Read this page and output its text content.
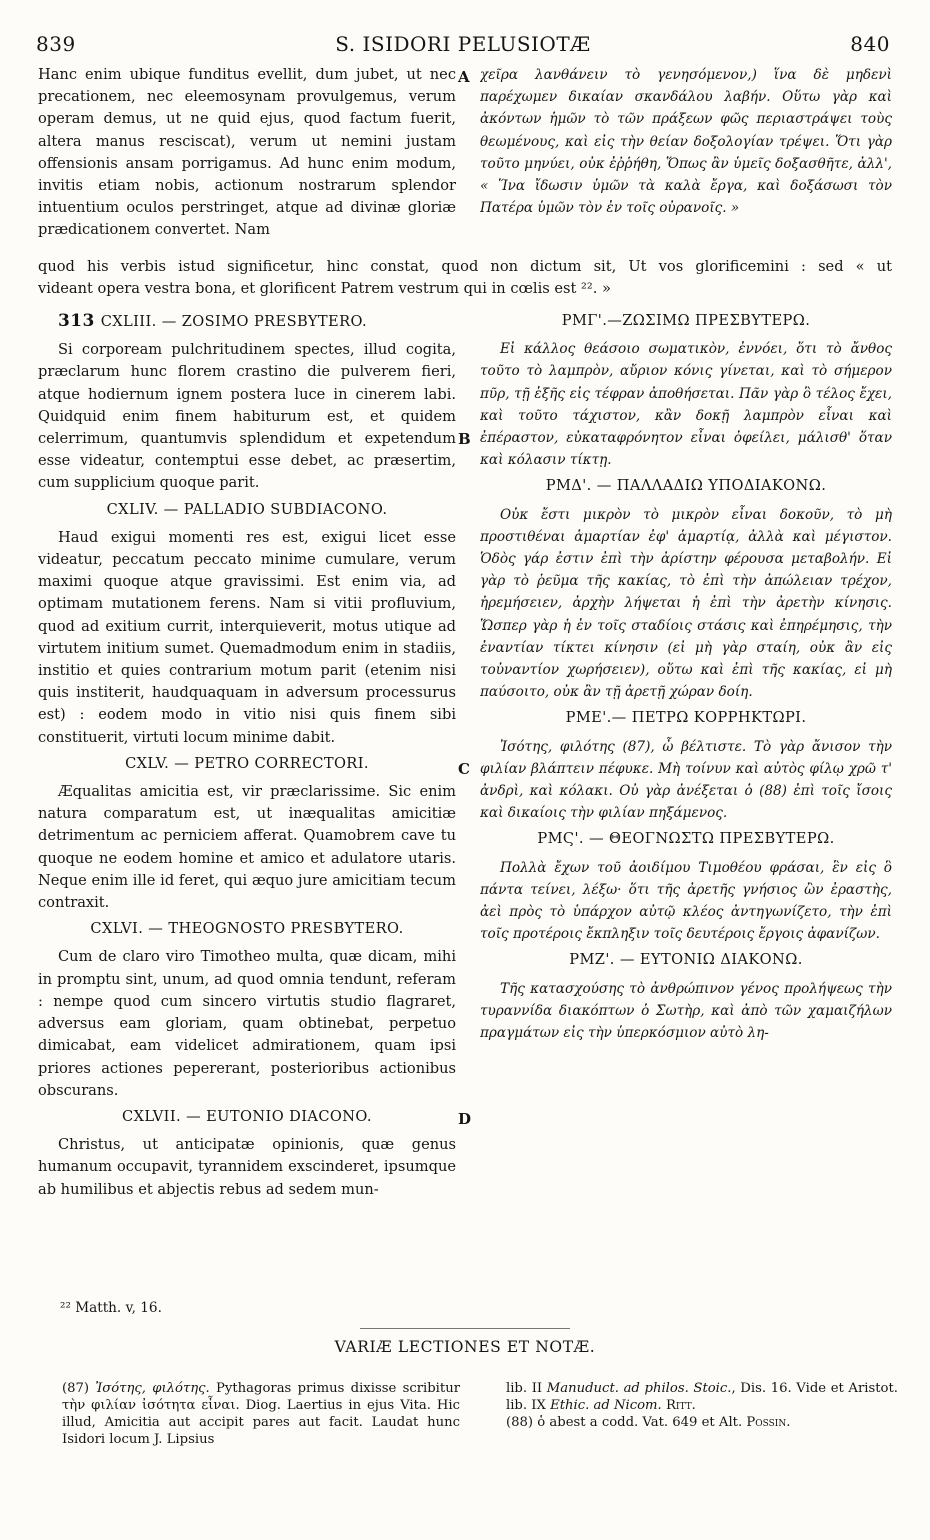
839	S. ISIDORI PELUSIOTÆ	840

Hanc enim ubique funditus evellit, dum jubet, ut nec precationem, nec eleemosynam provulgemus, verum operam demus, ut ne quid ejus, quod factum fuerit, altera manus resciscat), verum ut nemini justam offensionis ansam porrigamus. Ad hunc enim modum, invitis etiam nobis, actionum nostrarum splendor intuentium oculos perstringet, atque ad divinæ gloriæ prædicationem convertet. Nam

χεῖρα λανθάνειν τὸ γενησόμενον,) ἵνα δὲ μηδενὶ παρέχωμεν δικαίαν σκανδάλου λαβήν. Οὕτω γὰρ καὶ ἀκόντων ἡμῶν τὸ τῶν πράξεων φῶς περιαστράψει τοὺς θεωμένους, καὶ εἰς τὴν θείαν δοξολογίαν τρέψει. Ὅτι γὰρ τοῦτο μηνύει, οὐκ ἐῤῥήθη, Ὅπως ἂν ὑμεῖς δοξασθῆτε, ἀλλ', « Ἵνα ἴδωσιν ὑμῶν τὰ καλὰ ἔργα, καὶ δοξάσωσι τὸν Πατέρα ὑμῶν τὸν ἐν τοῖς οὐρανοῖς. »

quod his verbis istud significetur, hinc constat, quod non dictum sit, Ut vos glorificemini : sed « ut
videant opera vestra bona, et glorificent Patrem vestrum qui in cœlis est ²². »
313 CXLIII. — ZOSIMO PRESBYTERO.

Si corpoream pulchritudinem spectes, illud cogita, præclarum hunc florem crastino die pulverem fieri, atque hodiernum ignem postera luce in cinerem labi. Quidquid enim finem habiturum est, et quidem celerrimum, quantumvis splendidum et expetendum esse videatur, contemptui esse debet, ac præsertim, cum supplicium quoque parit.

CXLIV. — PALLADIO SUBDIACONO.

Haud exigui momenti res est, exigui licet esse videatur, peccatum peccato minime cumulare, verum maximi quoque atque gravissimi. Est enim via, ad optimam mutationem ferens. Nam si vitii profluvium, quod ad exitium currit, interquieverit, motus utique ad virtutem initium sumet. Quemadmodum enim in stadiis, institio et quies contrarium motum parit (etenim nisi quis institerit, haudquaquam in adversum processurus est) : eodem modo in vitio nisi quis finem sibi constituerit, virtuti locum minime dabit.

CXLV. — PETRO CORRECTORI.

Æqualitas amicitia est, vir præclarissime. Sic enim natura comparatum est, ut inæqualitas amicitiæ detrimentum ac perniciem afferat. Quamobrem cave tu quoque ne eodem homine et amico et adulatore utaris. Neque enim ille id feret, qui æquo jure amicitiam tecum contraxit.

CXLVI. — THEOGNOSTO PRESBYTERO.

Cum de claro viro Timotheo multa, quæ dicam, mihi in promptu sint, unum, ad quod omnia tendunt, referam : nempe quod cum sincero virtutis studio flagraret, adversus eam gloriam, quam obtinebat, perpetuo dimicabat, eam videlicet admirationem, quam ipsi priores actiones pepererant, posterioribus actionibus obscurans.

CXLVII. — EUTONIO DIACONO.

Christus, ut anticipatæ opinionis, quæ genus humanum occupavit, tyrannidem exscinderet, ipsumque ab humilibus et abjectis rebus ad sedem mun-

ΡΜΓ'.—ΖΩΣΙΜΩ ΠΡΕΣΒΥΤΕΡΩ.

Εἰ κάλλος θεάσοιο σωματικὸν, ἐννόει, ὅτι τὸ ἄνθος τοῦτο τὸ λαμπρὸν, αὔριον κόνις γίνεται, καὶ τὸ σήμερον πῦρ, τῇ ἑξῆς εἰς τέφραν ἀποθήσεται. Πᾶν γὰρ ὃ τέλος ἔχει, καὶ τοῦτο τάχιστον, κἂν δοκῇ λαμπρὸν εἶναι καὶ ἐπέραστον, εὐκαταφρόνητον εἶναι ὀφείλει, μάλισθ' ὅταν καὶ κόλασιν τίκτῃ.

ΡΜΔ'. — ΠΑΛΛΑΔΙΩ ΥΠΟΔΙΑΚΟΝΩ.

Οὐκ ἔστι μικρὸν τὸ μικρὸν εἶναι δοκοῦν, τὸ μὴ προστιθέναι ἁμαρτίαν ἐφ' ἁμαρτίᾳ, ἀλλὰ καὶ μέγιστον. Ὁδὸς γάρ ἐστιν ἐπὶ τὴν ἀρίστην φέρουσα μεταβολήν. Εἰ γὰρ τὸ ῥεῦμα τῆς κακίας, τὸ ἐπὶ τὴν ἀπώλειαν τρέχον, ἠρεμήσειεν, ἀρχὴν λήψεται ἡ ἐπὶ τὴν ἀρετὴν κίνησις. Ὥσπερ γὰρ ἡ ἐν τοῖς σταδίοις στάσις καὶ ἐπηρέμησις, τὴν ἐναντίαν τίκτει κίνησιν (εἰ μὴ γὰρ σταίη, οὐκ ἂν εἰς τοὐναντίον χωρήσειεν), οὕτω καὶ ἐπὶ τῆς κακίας, εἰ μὴ παύσοιτο, οὐκ ἂν τῇ ἀρετῇ χώραν δοίη.

ΡΜΕ'.— ΠΕΤΡΩ ΚΟΡΡΗΚΤΩΡΙ.

Ἰσότης, φιλότης (87), ὦ βέλτιστε. Τὸ γὰρ ἄνισον τὴν φιλίαν βλάπτειν πέφυκε. Μὴ τοίνυν καὶ αὐτὸς φίλῳ χρῶ τ' ἀνδρὶ, καὶ κόλακι. Οὐ γὰρ ἀνέξεται ὁ (88) ἐπὶ τοῖς ἴσοις καὶ δικαίοις τὴν φιλίαν πηξάμενος.

ΡΜϚ'. — ΘΕΟΓΝΩΣΤΩ ΠΡΕΣΒΥΤΕΡΩ.

Πολλὰ ἔχων τοῦ ἀοιδίμου Τιμοθέου φράσαι, ἓν εἰς ὃ πάντα τείνει, λέξω· ὅτι τῆς ἀρετῆς γνήσιος ὢν ἐραστὴς, ἀεὶ πρὸς τὸ ὑπάρχον αὐτῷ κλέος ἀντηγωνίζετο, τὴν ἐπὶ τοῖς προτέροις ἔκπληξιν τοῖς δευτέροις ἔργοις ἀφανίζων.

ΡΜΖ'. — ΕΥΤΟΝΙΩ ΔΙΑΚΟΝΩ.

Τῆς κατασχούσης τὸ ἀνθρώπινον γένος προλήψεως τὴν τυραννίδα διακόπτων ὁ Σωτὴρ, καὶ ἀπὸ τῶν χαμαιζήλων πραγμάτων εἰς τὴν ὑπερκόσμιον αὐτὸ λη-

A
B
C
D
²² Matth. v, 16.
VARIÆ LECTIONES ET NOTÆ.
(87) Ἰσότης, φιλότης. Pythagoras primus dixisse scribitur τὴν φιλίαν ἰσότητα εἶναι. Diog. Laertius in ejus Vita. Hic illud, Amicitia aut accipit pares aut facit. Laudat hunc Isidori locum J. Lipsius
lib. II Manuduct. ad philos. Stoic., Dis. 16. Vide et Aristot. lib. IX Ethic. ad Nicom. Ritt.
(88) ὁ abest a codd. Vat. 649 et Alt. Possin.
